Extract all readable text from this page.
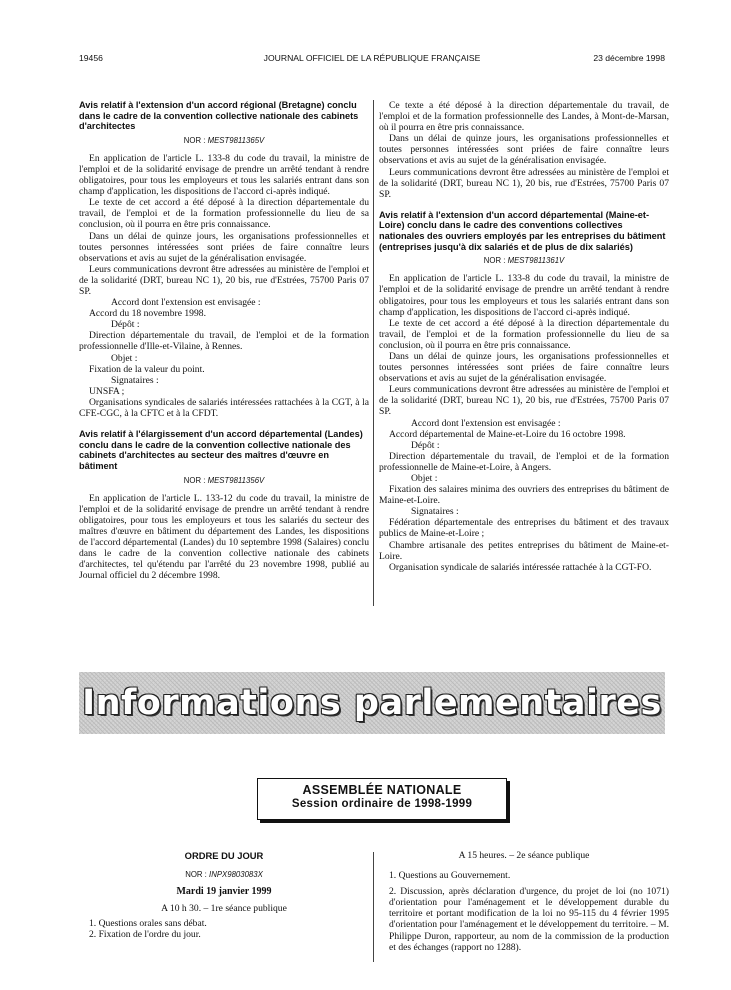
19456	JOURNAL OFFICIEL DE LA RÉPUBLIQUE FRANÇAISE	23 décembre 1998
Avis relatif à l'extension d'un accord régional (Bretagne) conclu dans le cadre de la convention collective nationale des cabinets d'architectes
NOR : MEST9811365V

En application de l'article L. 133-8 du code du travail, la ministre de l'emploi et de la solidarité envisage de prendre un arrêté tendant à rendre obligatoires, pour tous les employeurs et tous les salariés entrant dans son champ d'application, les dispositions de l'accord ci-après indiqué.

Le texte de cet accord a été déposé à la direction départementale du travail, de l'emploi et de la formation professionnelle du lieu de sa conclusion, où il pourra en être pris connaissance.

Dans un délai de quinze jours, les organisations professionnelles et toutes personnes intéressées sont priées de faire connaître leurs observations et avis au sujet de la généralisation envisagée.

Leurs communications devront être adressées au ministère de l'emploi et de la solidarité (DRT, bureau NC 1), 20 bis, rue d'Estrées, 75700 Paris 07 SP.

Accord dont l'extension est envisagée :

Accord du 18 novembre 1998.

Dépôt :

Direction départementale du travail, de l'emploi et de la formation professionnelle d'Ille-et-Vilaine, à Rennes.

Objet :

Fixation de la valeur du point.

Signataires :

UNSFA ;

Organisations syndicales de salariés intéressées rattachées à la CGT, à la CFE-CGC, à la CFTC et à la CFDT.

Avis relatif à l'élargissement d'un accord départemental (Landes) conclu dans le cadre de la convention collective nationale des cabinets d'architectes au secteur des maîtres d'œuvre en bâtiment
NOR : MEST9811356V

En application de l'article L. 133-12 du code du travail, la ministre de l'emploi et de la solidarité envisage de prendre un arrêté tendant à rendre obligatoires, pour tous les employeurs et tous les salariés du secteur des maîtres d'œuvre en bâtiment du département des Landes, les dispositions de l'accord départemental (Landes) du 10 septembre 1998 (Salaires) conclu dans le cadre de la convention collective nationale des cabinets d'architectes, tel qu'étendu par l'arrêté du 23 novembre 1998, publié au Journal officiel du 2 décembre 1998.

Ce texte a été déposé à la direction départementale du travail, de l'emploi et de la formation professionnelle des Landes, à Mont-de-Marsan, où il pourra en être pris connaissance.

Dans un délai de quinze jours, les organisations professionnelles et toutes personnes intéressées sont priées de faire connaître leurs observations et avis au sujet de la généralisation envisagée.

Leurs communications devront être adressées au ministère de l'emploi et de la solidarité (DRT, bureau NC 1), 20 bis, rue d'Estrées, 75700 Paris 07 SP.

Avis relatif à l'extension d'un accord départemental (Maine-et-Loire) conclu dans le cadre des conventions collectives nationales des ouvriers employés par les entreprises du bâtiment (entreprises jusqu'à dix salariés et de plus de dix salariés)
NOR : MEST9811361V

En application de l'article L. 133-8 du code du travail, la ministre de l'emploi et de la solidarité envisage de prendre un arrêté tendant à rendre obligatoires, pour tous les employeurs et tous les salariés entrant dans son champ d'application, les dispositions de l'accord ci-après indiqué.

Le texte de cet accord a été déposé à la direction départementale du travail, de l'emploi et de la formation professionnelle du lieu de sa conclusion, où il pourra en être pris connaissance.

Dans un délai de quinze jours, les organisations professionnelles et toutes personnes intéressées sont priées de faire connaître leurs observations et avis au sujet de la généralisation envisagée.

Leurs communications devront être adressées au ministère de l'emploi et de la solidarité (DRT, bureau NC 1), 20 bis, rue d'Estrées, 75700 Paris 07 SP.

Accord dont l'extension est envisagée :

Accord départemental de Maine-et-Loire du 16 octobre 1998.

Dépôt :

Direction départementale du travail, de l'emploi et de la formation professionnelle de Maine-et-Loire, à Angers.

Objet :

Fixation des salaires minima des ouvriers des entreprises du bâtiment de Maine-et-Loire.

Signataires :

Fédération départementale des entreprises du bâtiment et des travaux publics de Maine-et-Loire ;

Chambre artisanale des petites entreprises du bâtiment de Maine-et-Loire.

Organisation syndicale de salariés intéressée rattachée à la CGT-FO.

Informations parlementaires
ASSEMBLÉE NATIONALE
Session ordinaire de 1998-1999
ORDRE DU JOUR
NOR : INPX9803083X
Mardi 19 janvier 1999
A 10 h 30. – 1re séance publique

1. Questions orales sans débat.

2. Fixation de l'ordre du jour.

A 15 heures. – 2e séance publique

1. Questions au Gouvernement.

2. Discussion, après déclaration d'urgence, du projet de loi (no 1071) d'orientation pour l'aménagement et le développement durable du territoire et portant modification de la loi no 95-115 du 4 février 1995 d'orientation pour l'aménagement et le développement du territoire. – M. Philippe Duron, rapporteur, au nom de la commission de la production et des échanges (rapport no 1288).
